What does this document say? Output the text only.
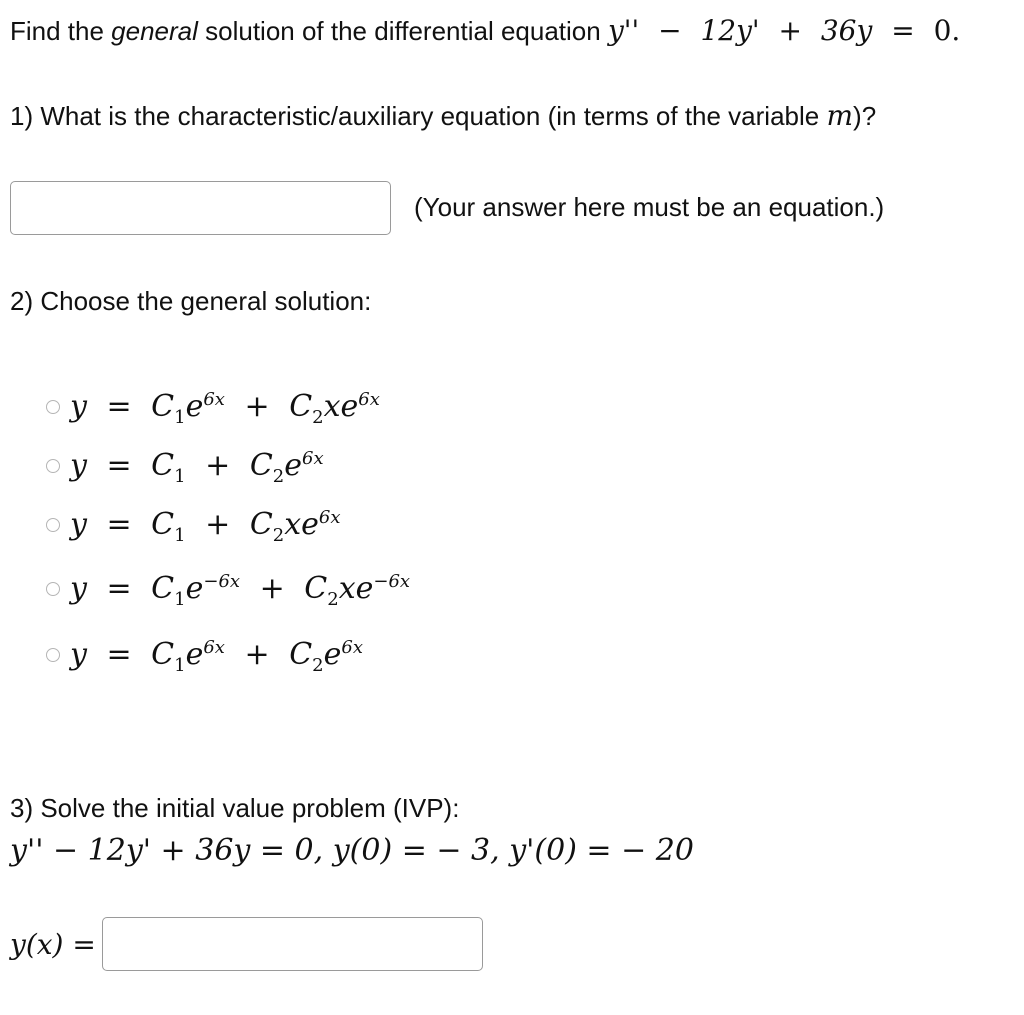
Find the general solution of the differential equation y'' − 12y' + 36y = 0.
1) What is the characteristic/auxiliary equation (in terms of the variable m)?
(Your answer here must be an equation.)
2) Choose the general solution:
$y = C_1e^{6x} + C_2xe^{6x}$
$y = C_1 + C_2e^{6x}$
$y = C_1 + C_2xe^{6x}$
$y = C_1e^{-6x} + C_2xe^{-6x}$
$y = C_1e^{6x} + C_2e^{6x}$
3) Solve the initial value problem (IVP):
y'' − 12y' + 36y = 0, y(0) = − 3, y'(0) = − 20
y(x) =
